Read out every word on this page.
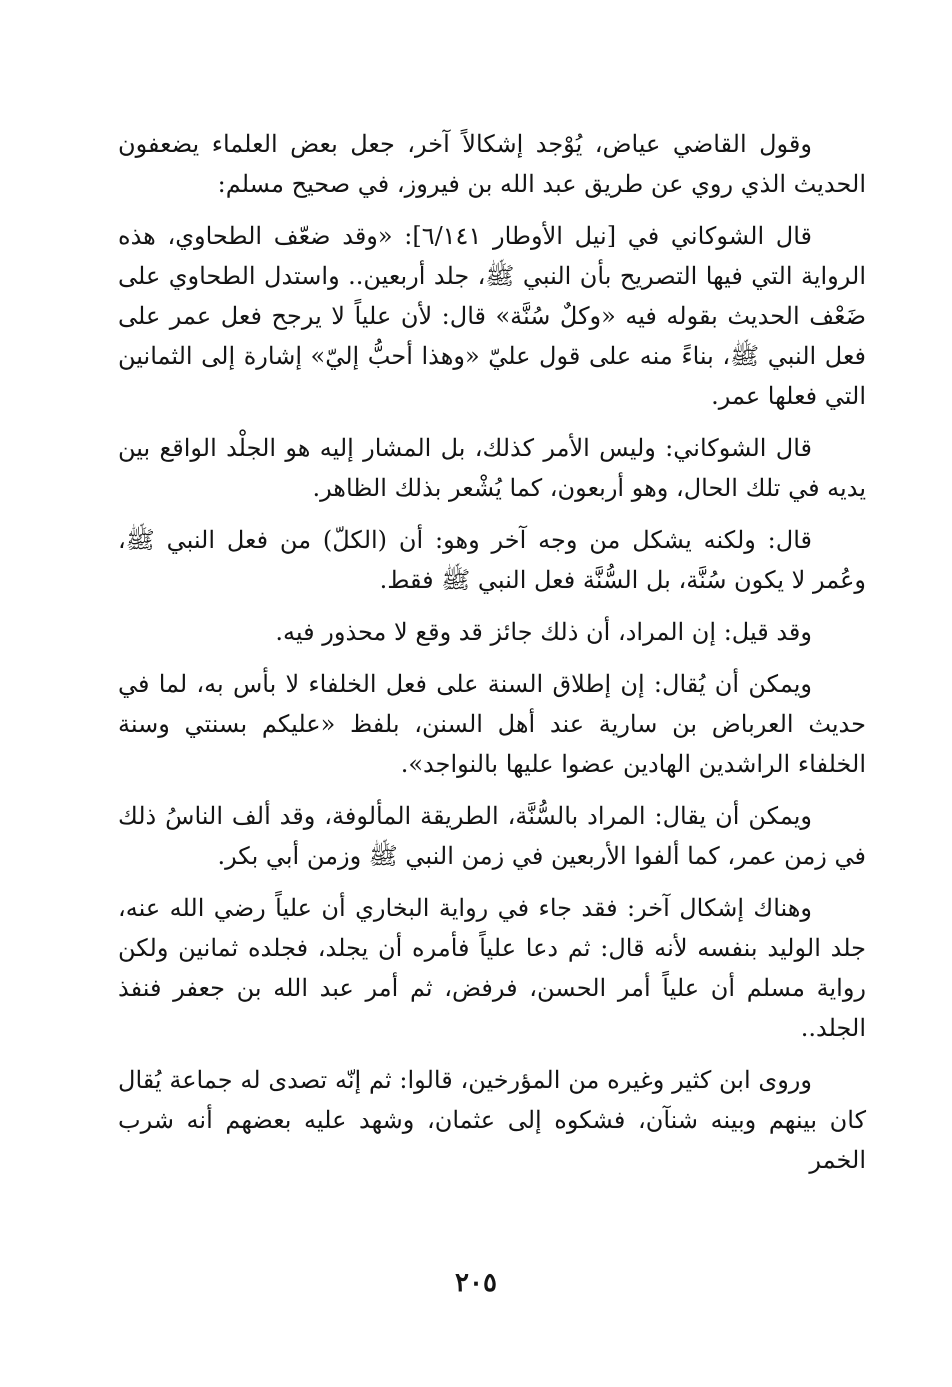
وقول القاضي عياض، يُوْجد إشكالاً آخر، جعل بعض العلماء يضعفون الحديث الذي روي عن طريق عبد الله بن فيروز، في صحيح مسلم:

قال الشوكاني في [نيل الأوطار ٦/١٤١]: «وقد ضعّف الطحاوي، هذه الرواية التي فيها التصريح بأن النبي ﷺ، جلد أربعين.. واستدل الطحاوي على ضَعْف الحديث بقوله فيه «وكلٌ سُنَّة» قال: لأن علياً لا يرجح فعل عمر على فعل النبي ﷺ، بناءً منه على قول عليّ «وهذا أحبُّ إليّ» إشارة إلى الثمانين التي فعلها عمر.

قال الشوكاني: وليس الأمر كذلك، بل المشار إليه هو الجلْد الواقع بين يديه في تلك الحال، وهو أربعون، كما يُشْعر بذلك الظاهر.

قال: ولكنه يشكل من وجه آخر وهو: أن (الكلّ) من فعل النبي ﷺ، وعُمر لا يكون سُنَّة، بل السُّنَّة فعل النبي ﷺ فقط.

وقد قيل: إن المراد، أن ذلك جائز قد وقع لا محذور فيه.

ويمكن أن يُقال: إن إطلاق السنة على فعل الخلفاء لا بأس به، لما في حديث العرباض بن سارية عند أهل السنن، بلفظ «عليكم بسنتي وسنة الخلفاء الراشدين الهادين عضوا عليها بالنواجد».

ويمكن أن يقال: المراد بالسُّنَّة، الطريقة المألوفة، وقد ألف الناسُ ذلك في زمن عمر، كما ألفوا الأربعين في زمن النبي ﷺ وزمن أبي بكر.

وهناك إشكال آخر: فقد جاء في رواية البخاري أن علياً رضي الله عنه، جلد الوليد بنفسه لأنه قال: ثم دعا علياً فأمره أن يجلد، فجلده ثمانين ولكن رواية مسلم أن علياً أمر الحسن، فرفض، ثم أمر عبد الله بن جعفر فنفذ الجلد..

وروى ابن كثير وغيره من المؤرخين، قالوا: ثم إنّه تصدى له جماعة يُقال كان بينهم وبينه شنآن، فشكوه إلى عثمان، وشهد عليه بعضهم أنه شرب الخمر

٢٠٥
